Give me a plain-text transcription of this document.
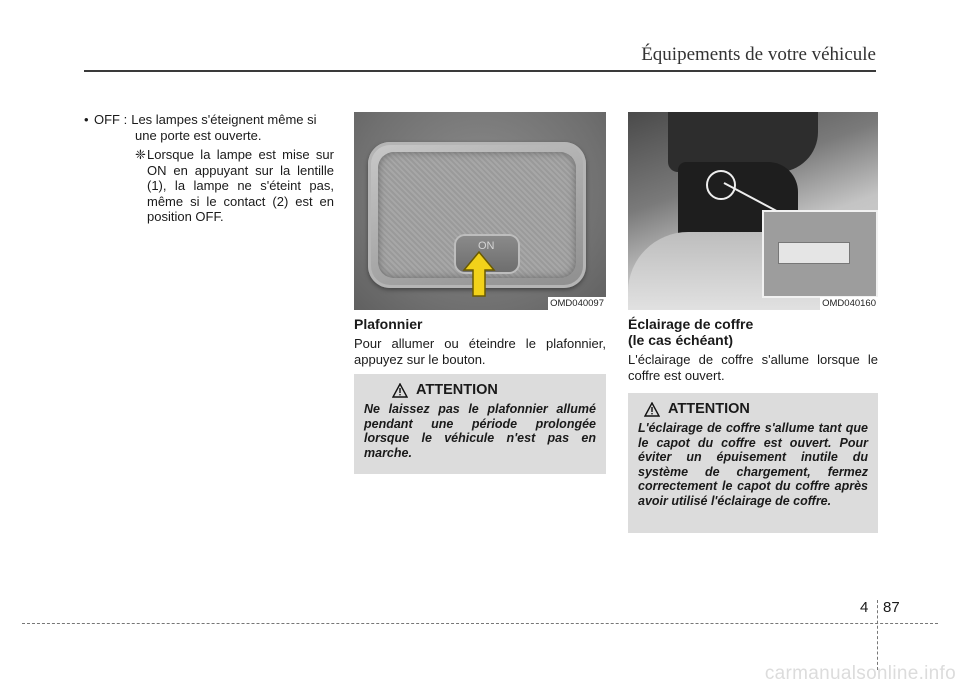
Équipements de votre véhicule
• OFF : Les lampes s'éteignent même si

une porte est ouverte.

❈ Lorsque la lampe est mise sur ON en appuyant sur la lentille (1), la lampe ne s'éteint pas, même si le contact (2) est en position OFF.

ON
OMD040097
Plafonnier

Pour allumer ou éteindre le plafonnier, appuyez sur le bouton.

ATTENTION

Ne laissez pas le plafonnier allumé pendant une période prolongée lorsque le véhicule n'est pas en marche.

OMD040160
Éclairage de coffre
(le cas échéant)

L'éclairage de coffre s'allume lorsque le coffre est ouvert.

ATTENTION

L'éclairage de coffre s'allume tant que le capot du coffre est ouvert. Pour éviter un épuisement inutile du système de chargement, fermez correctement le capot du coffre après avoir utilisé l'éclairage de coffre.

4 87
carmanualsonline.info
